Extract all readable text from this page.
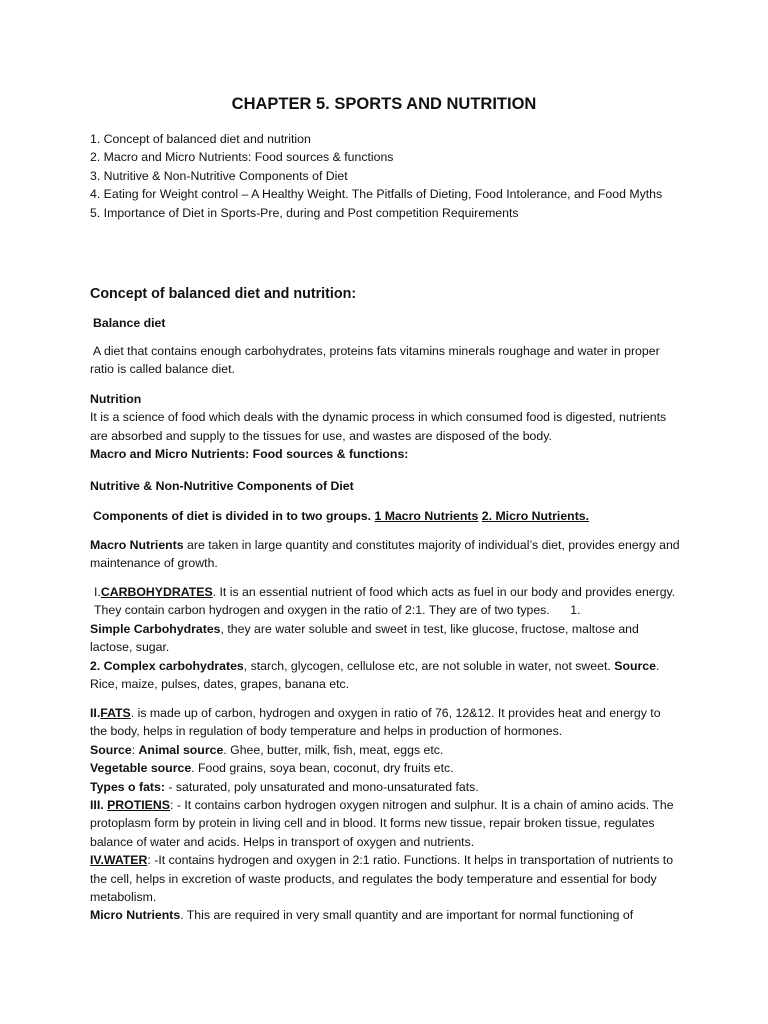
CHAPTER 5. SPORTS AND NUTRITION
1. Concept of balanced diet and nutrition
2. Macro and Micro Nutrients: Food sources & functions
3. Nutritive & Non-Nutritive Components of Diet
4. Eating for Weight control – A Healthy Weight. The Pitfalls of Dieting, Food Intolerance, and Food Myths
5. Importance of Diet in Sports-Pre, during and Post competition Requirements
Concept of balanced diet and nutrition:

Balance diet

A diet that contains enough carbohydrates, proteins fats vitamins minerals roughage and water in proper ratio is called balance diet.

Nutrition

It is a science of food which deals with the dynamic process in which consumed food is digested, nutrients are absorbed and supply to the tissues for use, and wastes are disposed of the body.

Macro and Micro Nutrients: Food sources & functions:

Nutritive & Non-Nutritive Components of Diet

Components of diet is divided in to two groups. 1 Macro Nutrients 2. Micro Nutrients.

Macro Nutrients are taken in large quantity and constitutes majority of individual’s diet, provides energy and maintenance of growth.

I.CARBOHYDRATES. It is an essential nutrient of food which acts as fuel in our body and provides energy. They contain carbon hydrogen and oxygen in the ratio of 2:1. They are of two types. 1.

Simple Carbohydrates, they are water soluble and sweet in test, like glucose, fructose, maltose and lactose, sugar.

2. Complex carbohydrates, starch, glycogen, cellulose etc, are not soluble in water, not sweet. Source. Rice, maize, pulses, dates, grapes, banana etc.

II.FATS. is made up of carbon, hydrogen and oxygen in ratio of 76, 12&12. It provides heat and energy to the body, helps in regulation of body temperature and helps in production of hormones.

Source: Animal source. Ghee, butter, milk, fish, meat, eggs etc.

Vegetable source. Food grains, soya bean, coconut, dry fruits etc.

Types o fats: - saturated, poly unsaturated and mono-unsaturated fats.

III. PROTIENS: - It contains carbon hydrogen oxygen nitrogen and sulphur. It is a chain of amino acids. The protoplasm form by protein in living cell and in blood. It forms new tissue, repair broken tissue, regulates balance of water and acids. Helps in transport of oxygen and nutrients.

IV.WATER: -It contains hydrogen and oxygen in 2:1 ratio. Functions. It helps in transportation of nutrients to the cell, helps in excretion of waste products, and regulates the body temperature and essential for body metabolism.

Micro Nutrients. This are required in very small quantity and are important for normal functioning of
